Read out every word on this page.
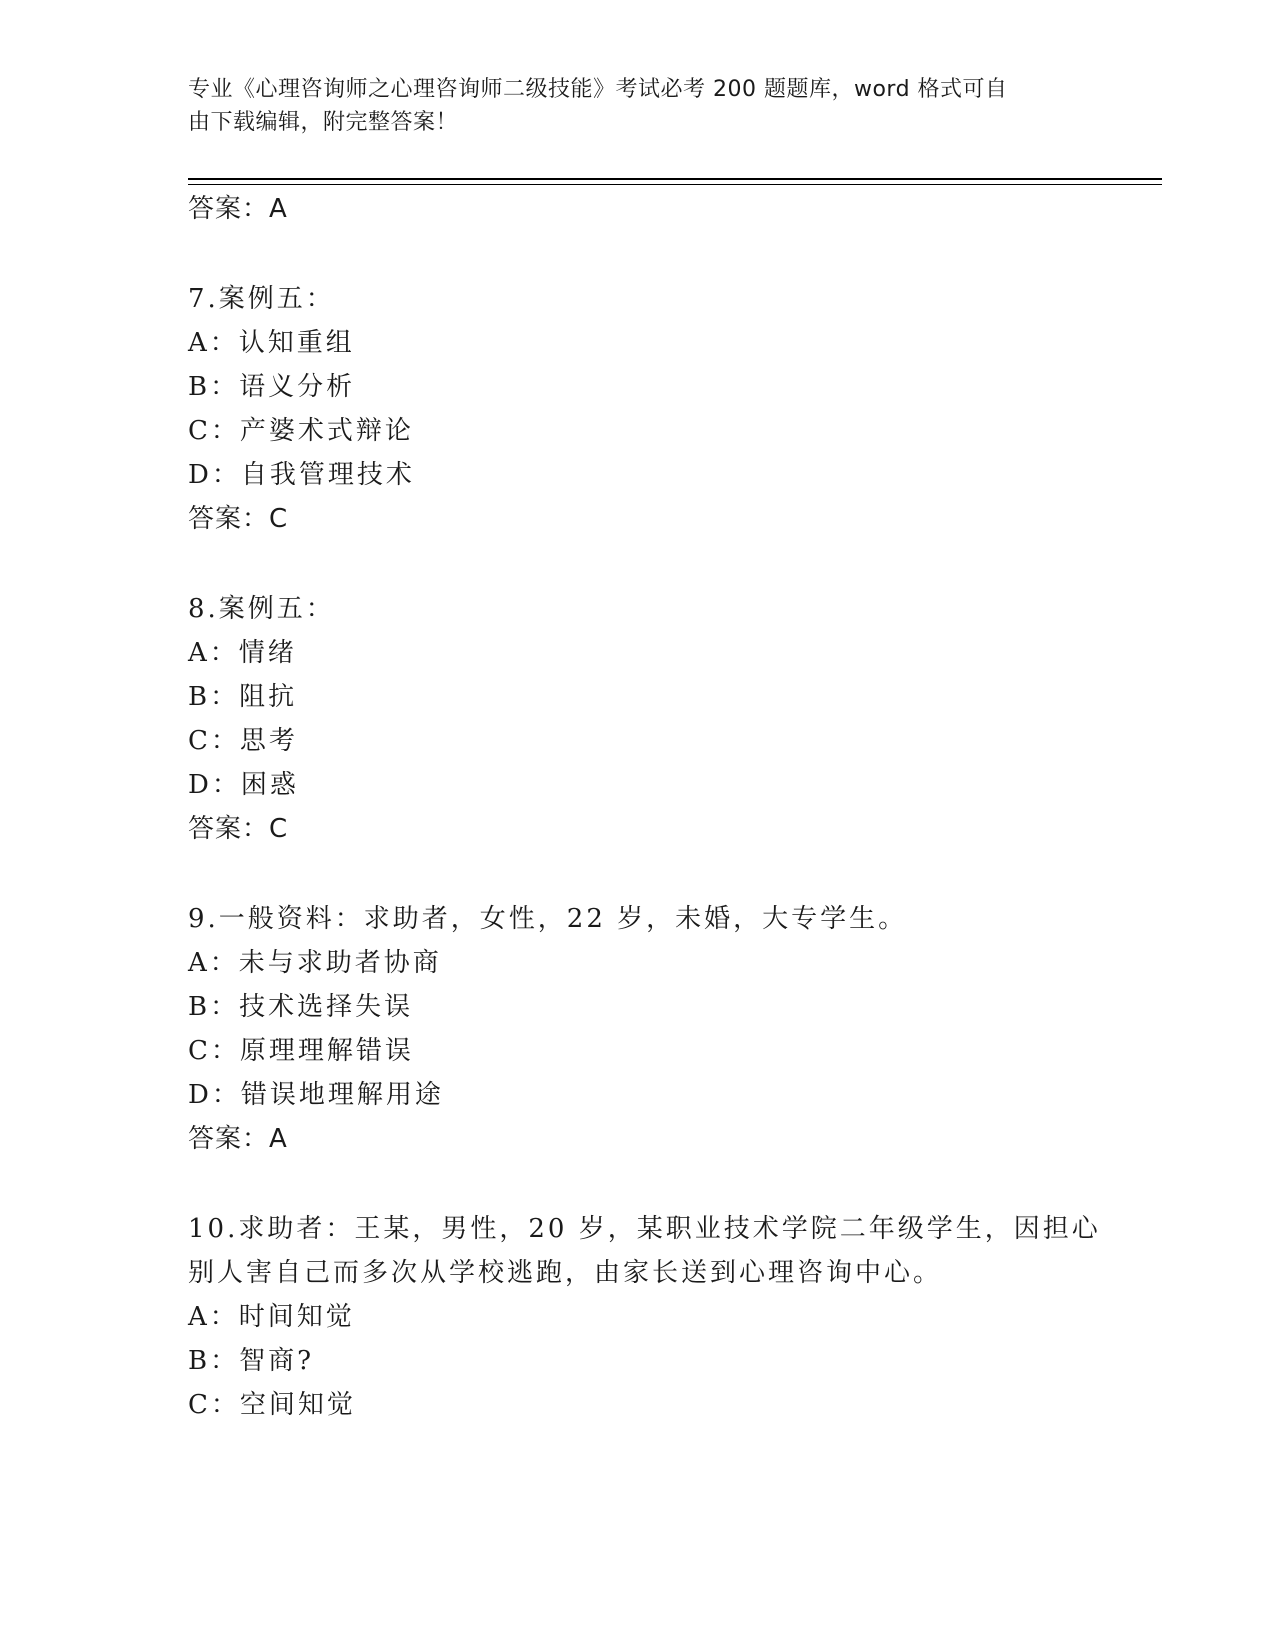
专业《心理咨询师之心理咨询师二级技能》考试必考 200 题题库，word 格式可自
由下载编辑，附完整答案！
答案：A
7.案例五：
A：认知重组
B：语义分析
C：产婆术式辩论
D：自我管理技术
答案：C
8.案例五：
A：情绪
B：阻抗
C：思考
D：困惑
答案：C
9.一般资料：求助者，女性，22 岁，未婚，大专学生。
A：未与求助者协商
B：技术选择失误
C：原理理解错误
D：错误地理解用途
答案：A
10.求助者：王某，男性，20 岁，某职业技术学院二年级学生，因担心
别人害自己而多次从学校逃跑，由家长送到心理咨询中心。
A：时间知觉
B：智商?
C：空间知觉
